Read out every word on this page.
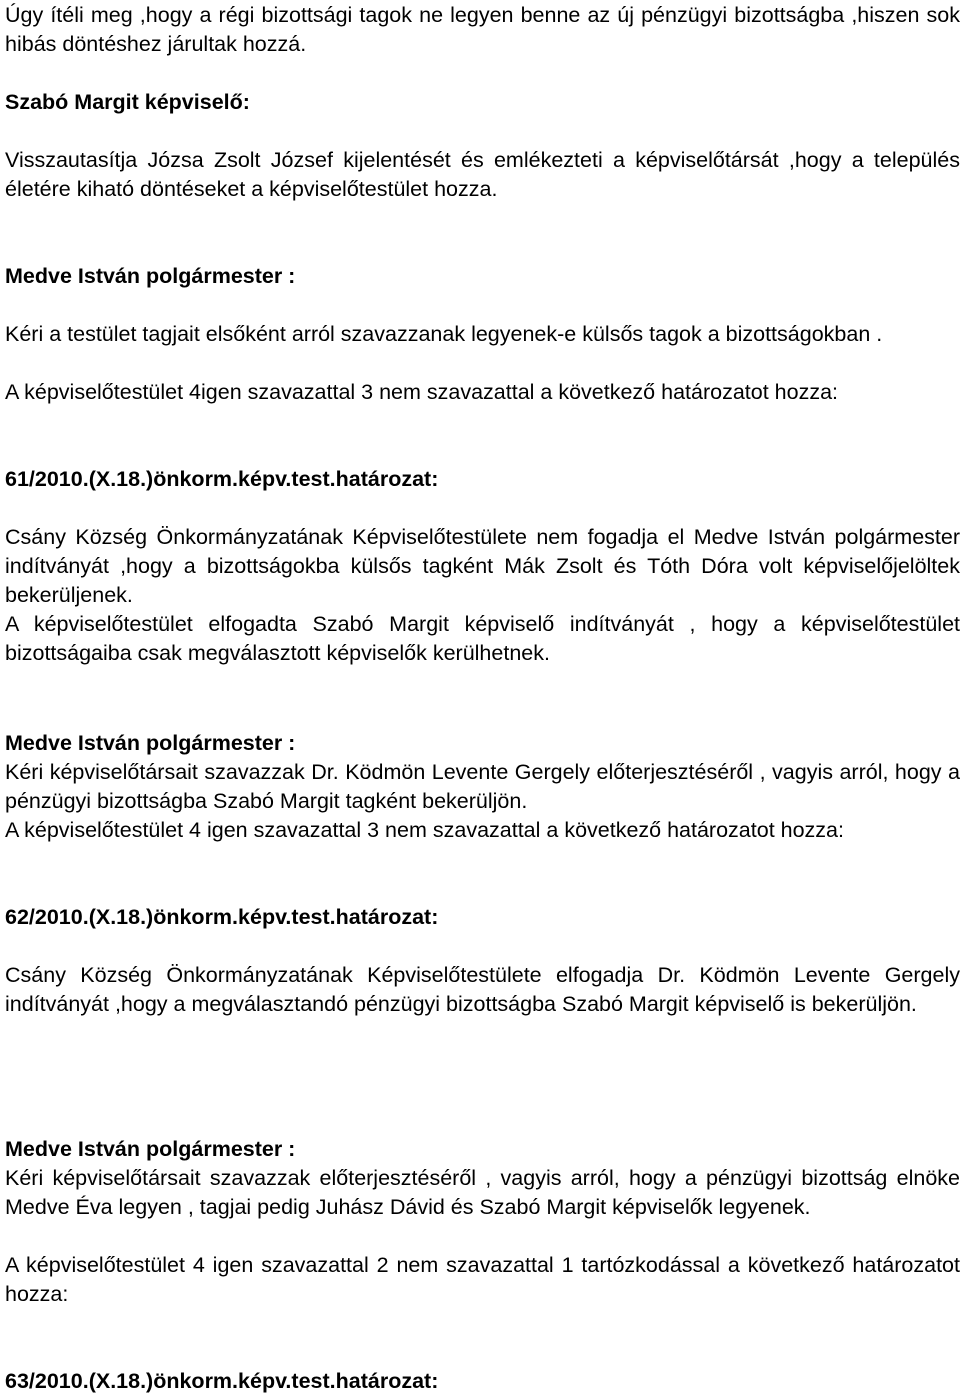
Úgy ítéli meg ,hogy a régi bizottsági tagok ne legyen benne az új pénzügyi bizottságba ,hiszen sok hibás döntéshez járultak hozzá.

Szabó Margit képviselő:

Visszautasítja Józsa Zsolt József kijelentését és emlékezteti a képviselőtársát ,hogy a település életére kiható döntéseket a képviselőtestület hozza.

Medve István polgármester :

Kéri a testület tagjait elsőként arról szavazzanak legyenek-e külsős tagok a bizottságokban .

A képviselőtestület 4igen szavazattal 3 nem szavazattal a következő határozatot hozza:

61/2010.(X.18.)önkorm.képv.test.határozat:

Csány Község Önkormányzatának Képviselőtestülete nem fogadja el Medve István polgármester indítványát ,hogy a bizottságokba külsős tagként Mák Zsolt és Tóth Dóra volt képviselőjelöltek bekerüljenek.

A képviselőtestület elfogadta Szabó Margit képviselő indítványát , hogy a képviselőtestület bizottságaiba csak megválasztott képviselők kerülhetnek.

Medve István polgármester :

Kéri képviselőtársait szavazzak Dr. Ködmön Levente Gergely előterjesztéséről , vagyis arról, hogy a pénzügyi bizottságba Szabó Margit tagként bekerüljön.

A képviselőtestület 4 igen szavazattal 3 nem szavazattal a következő határozatot hozza:

62/2010.(X.18.)önkorm.képv.test.határozat:

Csány Község Önkormányzatának Képviselőtestülete elfogadja Dr. Ködmön Levente Gergely indítványát ,hogy a megválasztandó pénzügyi bizottságba Szabó Margit képviselő is bekerüljön.

Medve István polgármester :

Kéri képviselőtársait szavazzak előterjesztéséről , vagyis arról, hogy a pénzügyi bizottság elnöke Medve Éva legyen , tagjai pedig Juhász Dávid és Szabó Margit képviselők legyenek.

A képviselőtestület 4 igen szavazattal 2 nem szavazattal 1 tartózkodással a következő határozatot hozza:

63/2010.(X.18.)önkorm.képv.test.határozat:
